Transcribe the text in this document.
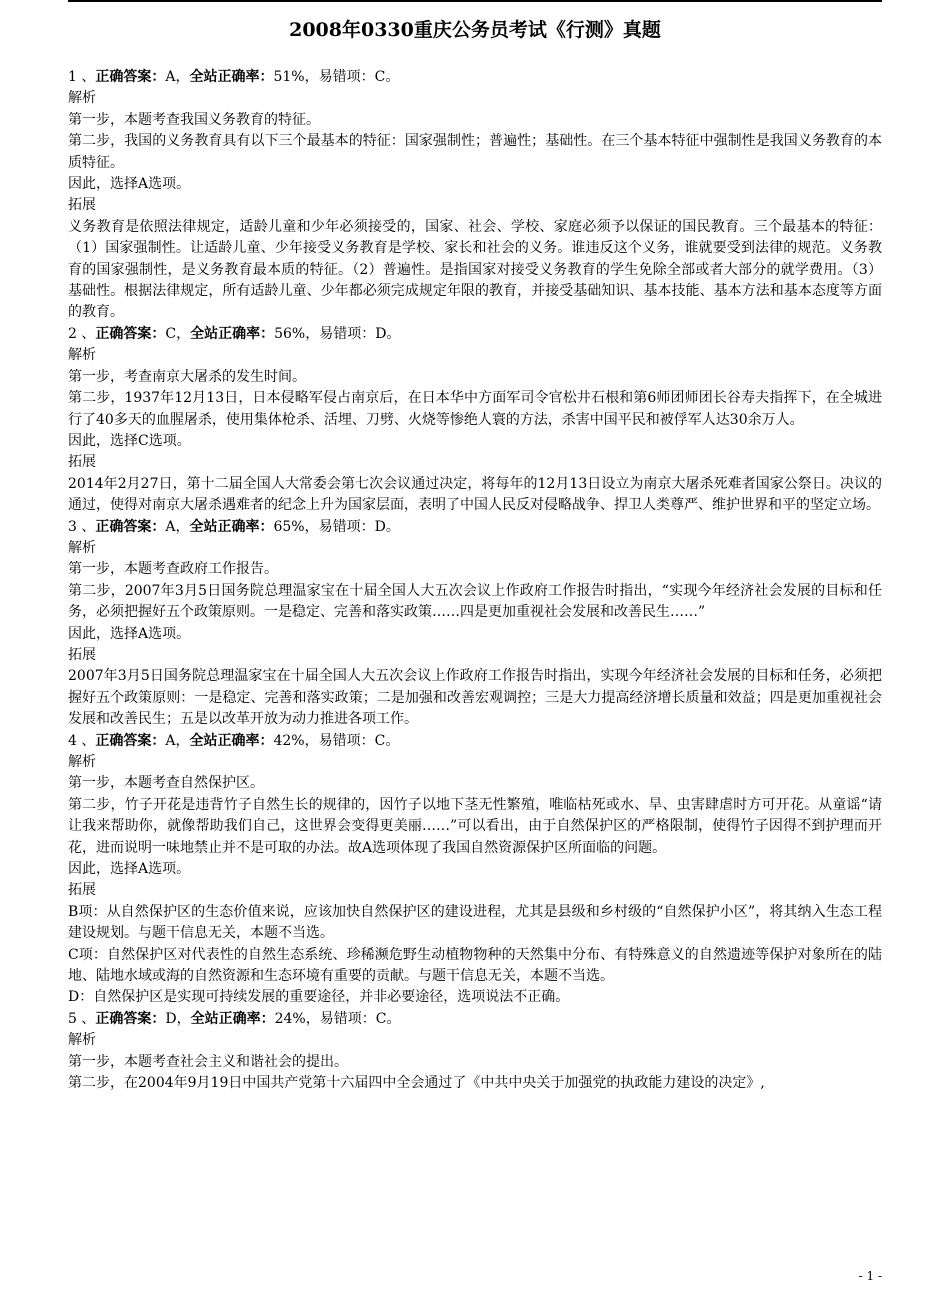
2008年0330重庆公务员考试《行测》真题

1 、正确答案：A，全站正确率：51%，易错项：C。

解析

第一步，本题考查我国义务教育的特征。

第二步，我国的义务教育具有以下三个最基本的特征：国家强制性；普遍性；基础性。在三个基本特征中强制性是我国义务教育的本质特征。

因此，选择A选项。

拓展

义务教育是依照法律规定，适龄儿童和少年必须接受的，国家、社会、学校、家庭必须予以保证的国民教育。三个最基本的特征：（1）国家强制性。让适龄儿童、少年接受义务教育是学校、家长和社会的义务。谁违反这个义务，谁就要受到法律的规范。义务教育的国家强制性，是义务教育最本质的特征。（2）普遍性。是指国家对接受义务教育的学生免除全部或者大部分的就学费用。（3）基础性。根据法律规定，所有适龄儿童、少年都必须完成规定年限的教育，并接受基础知识、基本技能、基本方法和基本态度等方面的教育。

2 、正确答案：C，全站正确率：56%，易错项：D。

解析

第一步，考查南京大屠杀的发生时间。

第二步，1937年12月13日，日本侵略军侵占南京后，在日本华中方面军司令官松井石根和第6师团师团长谷寿夫指挥下，在全城进行了40多天的血腥屠杀，使用集体枪杀、活埋、刀劈、火烧等惨绝人寰的方法，杀害中国平民和被俘军人达30余万人。

因此，选择C选项。

拓展

2014年2月27日，第十二届全国人大常委会第七次会议通过决定，将每年的12月13日设立为南京大屠杀死难者国家公祭日。决议的通过，使得对南京大屠杀遇难者的纪念上升为国家层面，表明了中国人民反对侵略战争、捍卫人类尊严、维护世界和平的坚定立场。

3 、正确答案：A，全站正确率：65%，易错项：D。

解析

第一步，本题考查政府工作报告。

第二步，2007年3月5日国务院总理温家宝在十届全国人大五次会议上作政府工作报告时指出，“实现今年经济社会发展的目标和任务，必须把握好五个政策原则。一是稳定、完善和落实政策……四是更加重视社会发展和改善民生……”

因此，选择A选项。

拓展

2007年3月5日国务院总理温家宝在十届全国人大五次会议上作政府工作报告时指出，实现今年经济社会发展的目标和任务，必须把握好五个政策原则：一是稳定、完善和落实政策；二是加强和改善宏观调控；三是大力提高经济增长质量和效益；四是更加重视社会发展和改善民生；五是以改革开放为动力推进各项工作。

4 、正确答案：A，全站正确率：42%，易错项：C。

解析

第一步，本题考查自然保护区。

第二步，竹子开花是违背竹子自然生长的规律的，因竹子以地下茎无性繁殖，唯临枯死或水、旱、虫害肆虐时方可开花。从童谣“请让我来帮助你，就像帮助我们自己，这世界会变得更美丽……”可以看出，由于自然保护区的严格限制，使得竹子因得不到护理而开花，进而说明一味地禁止并不是可取的办法。故A选项体现了我国自然资源保护区所面临的问题。

因此，选择A选项。

拓展

B项：从自然保护区的生态价值来说，应该加快自然保护区的建设进程，尤其是县级和乡村级的“自然保护小区”，将其纳入生态工程建设规划。与题干信息无关，本题不当选。

C项：自然保护区对代表性的自然生态系统、珍稀濒危野生动植物物种的天然集中分布、有特殊意义的自然遗迹等保护对象所在的陆地、陆地水域或海的自然资源和生态环境有重要的贡献。与题干信息无关，本题不当选。

D：自然保护区是实现可持续发展的重要途径，并非必要途径，选项说法不正确。

5 、正确答案：D，全站正确率：24%，易错项：C。

解析

第一步，本题考查社会主义和谐社会的提出。

第二步，在2004年9月19日中国共产党第十六届四中全会通过了《中共中央关于加强党的执政能力建设的决定》,

- 1 -
